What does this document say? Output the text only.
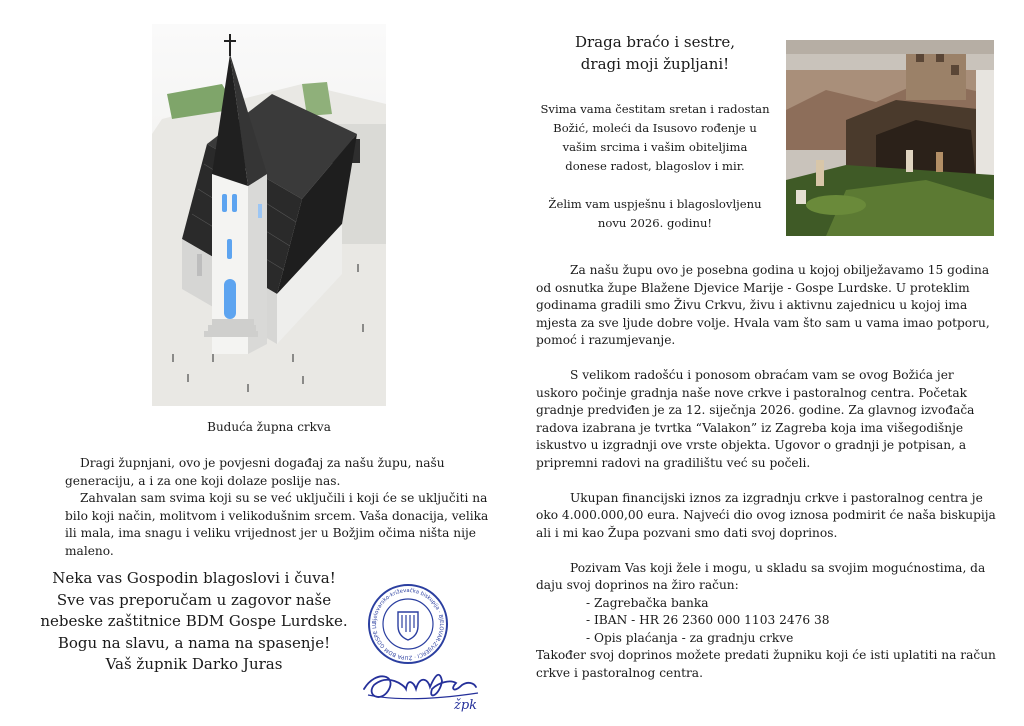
Buduća župna crkva

Dragi župnjani, ovo je povjesni događaj za našu župu, našu generaciju, a i za one koji dolaze poslije nas.

Zahvalan sam svima koji su se već uključili i koji će se uključiti na bilo koji način, molitvom i velikodušnim srcem. Vaša donacija, velika ili mala, ima snagu i veliku vrijednost jer u Božjim očima ništa nije maleno.

Neka vas Gospodin blagoslovi i čuva!
Sve vas preporučam u zagovor naše
nebeske zaštitnice BDM Gospe Lurdske.
Bogu na slavu, a nama na spasenje!
Vaš župnik Darko Juras
Bjelovarsko-križevačka biskupija · BJELOVAR-ZVIJERCI · ŽUPA BDM GOSPE LU
žpk
Draga braćo i sestre,
dragi moji župljani!

Svima vama čestitam sretan i radostan Božić, moleći da Isusovo rođenje u vašim srcima i vašim obiteljima donese radost, blagoslov i mir.

Želim vam uspješnu i blagoslovljenu novu 2026. godinu!

Za našu župu ovo je posebna godina u kojoj obilježavamo 15 godina od osnutka župe Blažene Djevice Marije - Gospe Lurdske. U proteklim godinama gradili smo Živu Crkvu, živu i aktivnu zajednicu u kojoj ima mjesta za sve ljude dobre volje. Hvala vam što sam u vama imao potporu, pomoć i razumjevanje.

S velikom radošću i ponosom obraćam vam se ovog Božića jer uskoro počinje gradnja naše nove crkve i pastoralnog centra. Početak gradnje predviđen je za 12. siječnja 2026. godine. Za glavnog izvođača radova izabrana je tvrtka “Valakon” iz Zagreba koja ima višegodišnje iskustvo u izgradnji ove vrste objekta. Ugovor o gradnji je potpisan, a pripremni radovi na gradilištu već su počeli.

Ukupan financijski iznos za izgradnju crkve i pastoralnog centra je oko 4.000.000,00 eura. Najveći dio ovog iznosa podmirit će naša biskupija ali i mi kao Župa pozvani smo dati svoj doprinos.

Pozivam Vas koji žele i mogu, u skladu sa svojim mogućnostima, da daju svoj doprinos na žiro račun:

- Zagrebačka banka
- IBAN - HR 26 2360 000 1103 2476 38
- Opis plaćanja - za gradnju crkve

Također svoj doprinos možete predati župniku koji će isti uplatiti na račun crkve i pastoralnog centra.
